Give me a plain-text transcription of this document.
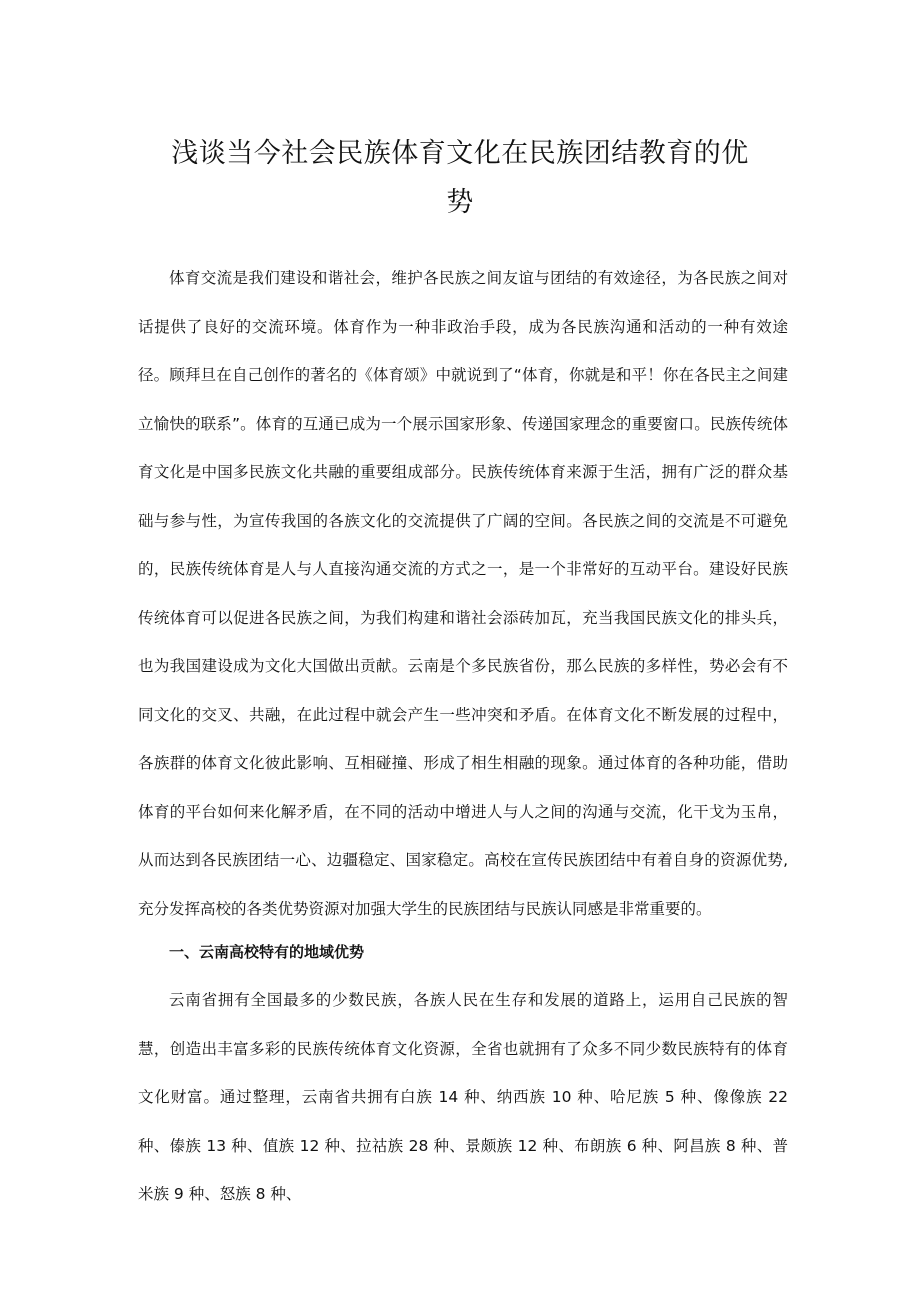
浅谈当今社会民族体育文化在民族团结教育的优
势

体育交流是我们建设和谐社会，维护各民族之间友谊与团结的有效途径，为各民族之间对话提供了良好的交流环境。体育作为一种非政治手段，成为各民族沟通和活动的一种有效途径。顾拜旦在自己创作的著名的《体育颂》中就说到了“体育，你就是和平！你在各民主之间建立愉快的联系”。体育的互通已成为一个展示国家形象、传递国家理念的重要窗口。民族传统体育文化是中国多民族文化共融的重要组成部分。民族传统体育来源于生活，拥有广泛的群众基础与参与性，为宣传我国的各族文化的交流提供了广阔的空间。各民族之间的交流是不可避免的，民族传统体育是人与人直接沟通交流的方式之一，是一个非常好的互动平台。建设好民族传统体育可以促进各民族之间，为我们构建和谐社会添砖加瓦，充当我国民族文化的排头兵，也为我国建设成为文化大国做出贡献。云南是个多民族省份，那么民族的多样性，势必会有不同文化的交叉、共融，在此过程中就会产生一些冲突和矛盾。在体育文化不断发展的过程中，各族群的体育文化彼此影响、互相碰撞、形成了相生相融的现象。通过体育的各种功能，借助体育的平台如何来化解矛盾，在不同的活动中增进人与人之间的沟通与交流，化干戈为玉帛，从而达到各民族团结一心、边疆稳定、国家稳定。高校在宣传民族团结中有着自身的资源优势,充分发挥高校的各类优势资源对加强大学生的民族团结与民族认同感是非常重要的。

一、云南高校特有的地域优势

云南省拥有全国最多的少数民族，各族人民在生存和发展的道路上，运用自己民族的智慧，创造出丰富多彩的民族传统体育文化资源，全省也就拥有了众多不同少数民族特有的体育文化财富。通过整理，云南省共拥有白族 14 种、纳西族 10 种、哈尼族 5 种、像像族 22 种、傣族 13 种、值族 12 种、拉祜族 28 种、景颇族 12 种、布朗族 6 种、阿昌族 8 种、普米族 9 种、怒族 8 种、
